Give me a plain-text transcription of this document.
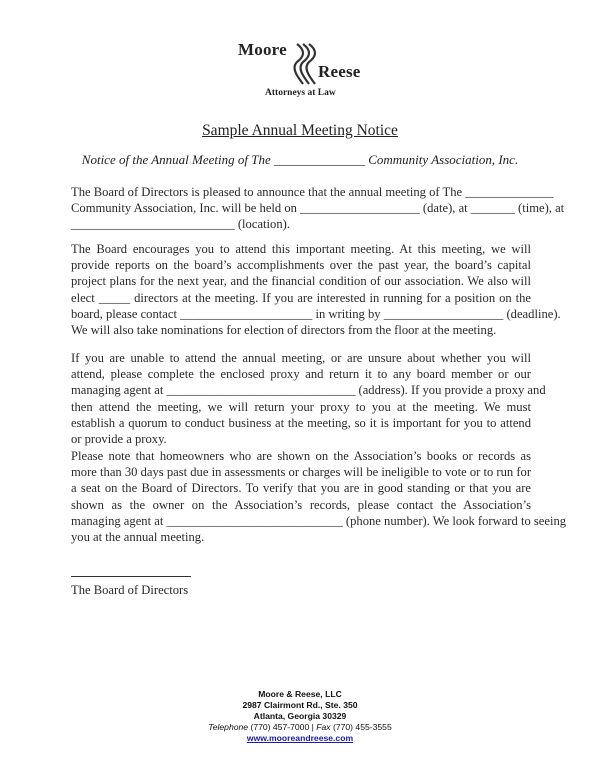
Moore
Reese
Attorneys at Law
Sample Annual Meeting Notice
Notice of the Annual Meeting of The ______________ Community Association, Inc.
The Board of Directors is pleased to announce that the annual meeting of The ______________
Community Association, Inc. will be held on ___________________ (date), at _______ (time), at
__________________________ (location).
The Board encourages you to attend this important meeting. At this meeting, we will
provide reports on the board’s accomplishments over the past year, the board’s capital
project plans for the next year, and the financial condition of our association. We also will
elect _____ directors at the meeting. If you are interested in running for a position on the
board, please contact _____________________ in writing by ___________________ (deadline).
We will also take nominations for election of directors from the floor at the meeting.
If you are unable to attend the annual meeting, or are unsure about whether you will
attend, please complete the enclosed proxy and return it to any board member or our
managing agent at ______________________________ (address). If you provide a proxy and
then attend the meeting, we will return your proxy to you at the meeting. We must
establish a quorum to conduct business at the meeting, so it is important for you to attend
or provide a proxy.
Please note that homeowners who are shown on the Association’s books or records as
more than 30 days past due in assessments or charges will be ineligible to vote or to run for
a seat on the Board of Directors. To verify that you are in good standing or that you are
shown as the owner on the Association’s records, please contact the Association’s
managing agent at ____________________________ (phone number). We look forward to seeing
you at the annual meeting.
The Board of Directors
Moore & Reese, LLC
2987 Clairmont Rd., Ste. 350
Atlanta, Georgia 30329
Telephone (770) 457-7000 | Fax (770) 455-3555
www.mooreandreese.com
